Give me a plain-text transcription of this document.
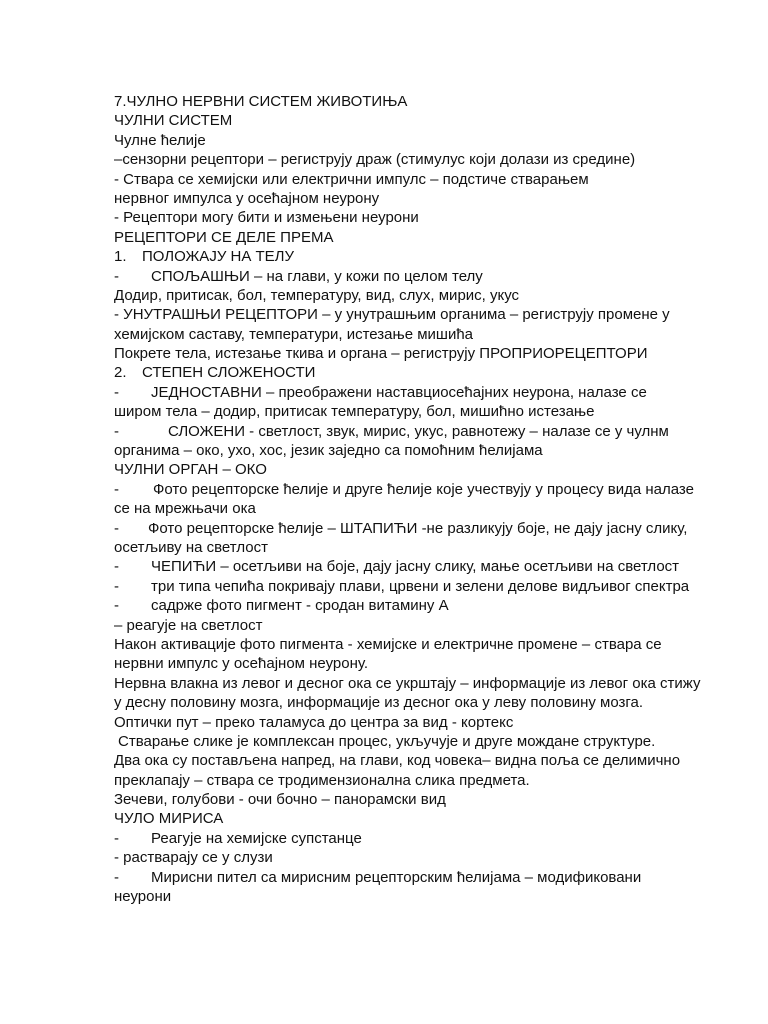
7.ЧУЛНО НЕРВНИ СИСТЕМ ЖИВОТИЊА
ЧУЛНИ СИСТЕМ
Чулне ћелије
–сензорни рецептори – региструју драж (стимулус који долази из средине)
- Ствара се хемијски или електрични импулс – подстиче стварањем
нервног импулса у осећајном неурону
- Рецептори могу бити и измењени неурони
РЕЦЕПТОРИ СЕ ДЕЛЕ ПРЕМА
1. ПОЛОЖАЈУ НА ТЕЛУ
- СПОЉАШЊИ – на глави, у кожи по целом телу
Додир, притисак, бол, температуру, вид, слух, мирис, укус
- УНУТРАШЊИ РЕЦЕПТОРИ – у унутрашњим органима – региструју промене у
хемијском саставу, температури, истезање мишића
Покрете тела, истезање ткива и органа – региструју ПРОПРИОРЕЦЕПТОРИ
2. СТЕПЕН СЛОЖЕНОСТИ
- ЈЕДНОСТАВНИ – преображени наставциосећајних неурона, налазе се
широм тела – додир, притисак температуру, бол, мишићно истезање
-	СЛОЖЕНИ - светлост, звук, мирис, укус, равнотежу – налазе се у чулнм
органима – око, ухо, хос, језик заједно са помоћним ћелијама
ЧУЛНИ ОРГАН – ОКО
- Фото рецепторске ћелије и друге ћелије које учествују у процесу вида налазе
се на мрежњачи ока
- Фото рецепторске ћелије – ШТАПИЋИ -не разликују боје, не дају јасну слику,
осетљиву на светлост
- ЧЕПИЋИ – осетљиви на боје, дају јасну слику, мање осетљиви на светлост
- три типа чепића покривају плави, црвени и зелени делове видљивог спектра
- садрже фото пигмент - сродан витамину А
– реагује на светлост
Након активације фото пигмента - хемијске и електричне промене – ствара се
нервни импулс у осећајном неурону.
Нервна влакна из левог и десног ока се укрштају – информације из левог ока стижу
у десну половину мозга, информације из десног ока у леву половину мозга.
Оптички пут – преко таламуса до центра за вид - кортекс
Стварање слике је комплексан процес, укључује и друге мождане структуре.
Два ока су постављена напред, на глави, код човека– видна поља се делимично
преклапају – ствара се тродимензионална слика предмета.
Зечеви, голубови - очи бочно – панорамски вид
ЧУЛО МИРИСА
- Реагује на хемијске супстанце
- растварају се у слузи
- Мирисни пител са мирисним рецепторским ћелијама – модификовани
неурони
